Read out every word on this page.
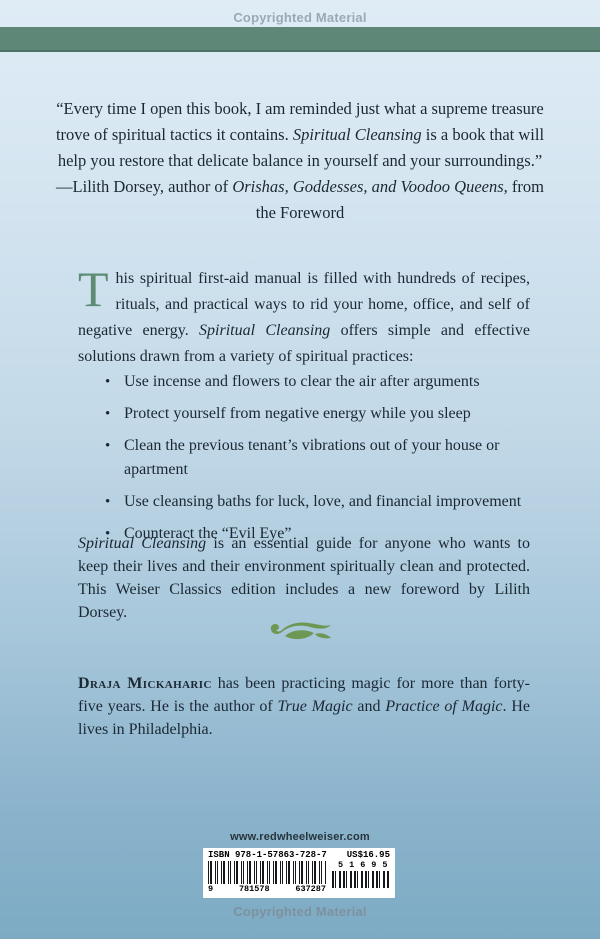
Copyrighted Material

“Every time I open this book, I am reminded just what a supreme treasure trove of spiritual tactics it contains. Spiritual Cleansing is a book that will help you restore that delicate balance in yourself and your surroundings.”

—Lilith Dorsey, author of Orishas, Goddesses, and Voodoo Queens, from the Foreword

T his spiritual first-aid manual is filled with hundreds of recipes, rituals, and practical ways to rid your home, office, and self of negative energy. Spiritual Cleansing offers simple and effective solutions drawn from a variety of spiritual practices:
• Use incense and flowers to clear the air after arguments
• Protect yourself from negative energy while you sleep
• Clean the previous tenant’s vibrations out of your house or apartment
• Use cleansing baths for luck, love, and financial improvement
• Counteract the “Evil Eye”

Spiritual Cleansing is an essential guide for anyone who wants to keep their lives and their environment spiritually clean and protected. This Weiser Classics edition includes a new foreword by Lilith Dorsey.

Draja Mickaharic has been practicing magic for more than forty-five years. He is the author of True Magic and Practice of Magic. He lives in Philadelphia.

www.redwheelweiser.com
ISBN 978-1-57863-728-7 US$16.95
9	781578	637287
51695
Copyrighted Material
